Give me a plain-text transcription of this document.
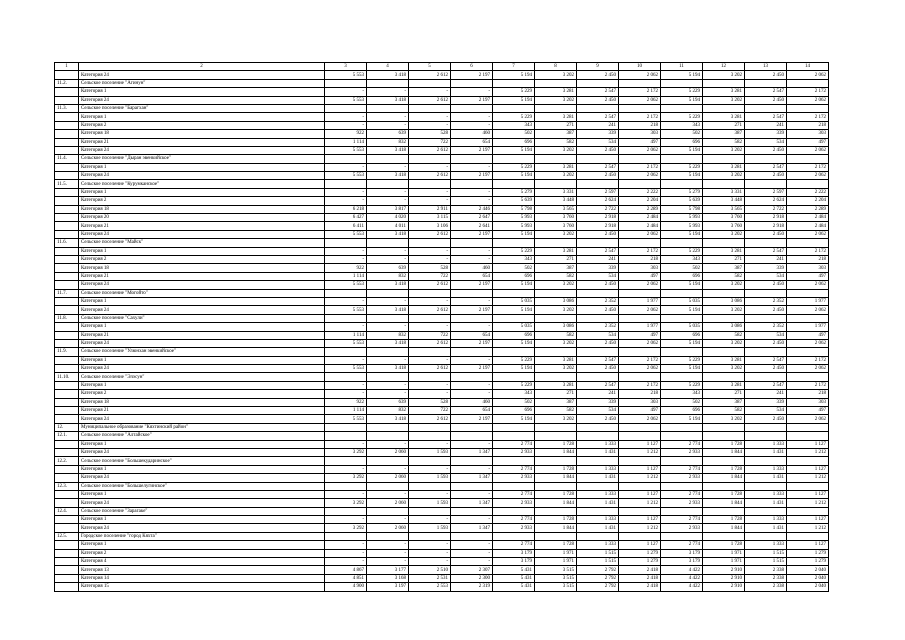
1	2	3	4	5	6	7	8	9	10	11	12	13	14
	Категория 24	5 553	3 418	2 612	2 197	5 194	3 202	2 450	2 062	5 194	3 202	2 450	2 062
11.2.	Сельское поселение "Агинун"												
	Категория 1	-	-	-	-	5 229	3 281	2 547	2 172	5 229	3 281	2 547	2 172
	Категория 24	5 553	3 418	2 612	2 197	5 194	3 202	2 450	2 062	5 194	3 202	2 450	2 062
11.3.	Сельское поселение "Барагхан"												
	Категория 1	-	-	-	-	5 229	3 281	2 547	2 172	5 229	3 281	2 547	2 172
	Категория 2	-	-	-	-	343	271	241	218	343	271	241	218
	Категория 18	922	639	528	460	502	387	339	303	502	387	339	303
	Категория 21	1 114	832	722	654	696	582	534	497	696	582	534	497
	Категория 24	5 553	3 418	2 612	2 197	5 194	3 202	2 450	2 062	5 194	3 202	2 450	2 062
11.4.	Сельское поселение "Дыран эвенкийское"												
	Категория 1	-	-	-	-	5 229	3 281	2 547	2 172	5 229	3 281	2 547	2 172
	Категория 24	5 553	3 418	2 612	2 197	5 194	3 202	2 450	2 062	5 194	3 202	2 450	2 062
11.5.	Сельское поселение "Курумканское"												
	Категория 1	-	-	-	-	5 279	3 331	2 597	2 222	5 279	3 331	2 597	2 222
	Категория 2	-	-	-	-	5 639	3 448	2 624	2 204	5 639	3 448	2 624	2 204
	Категория 18	6 218	3 817	2 911	2 446	5 798	3 565	2 722	2 289	5 798	3 565	2 722	2 289
	Категория 20	6 427	4 020	3 115	2 647	5 993	3 760	2 918	2 484	5 993	3 760	2 918	2 484
	Категория 21	6 411	4 011	3 106	2 641	5 993	3 760	2 918	2 484	5 993	3 760	2 918	2 484
	Категория 24	5 553	3 418	2 612	2 197	5 194	3 202	2 450	2 062	5 194	3 202	2 450	2 062
11.6.	Сельское поселение "Майск"												
	Категория 1	-	-	-	-	5 229	3 281	2 547	2 172	5 229	3 281	2 547	2 172
	Категория 2	-	-	-	-	343	271	241	218	343	271	241	218
	Категория 18	922	639	528	460	502	387	339	303	502	387	339	303
	Категория 21	1 114	832	722	654	696	582	534	497	696	582	534	497
	Категория 24	5 553	3 418	2 612	2 197	5 194	3 202	2 450	2 062	5 194	3 202	2 450	2 062
11.7.	Сельское поселение "Могойто"												
	Категория 1	-	-	-	-	5 035	3 086	2 352	1 977	5 035	3 086	2 352	1 977
	Категория 24	5 553	3 418	2 612	2 197	5 194	3 202	2 450	2 062	5 194	3 202	2 450	2 062
11.8.	Сельское поселение "Сахули"												
	Категория 1	-	-	-	-	5 035	3 086	2 352	1 977	5 035	3 086	2 352	1 977
	Категория 21	1 114	832	722	654	696	582	534	497	696	582	534	497
	Категория 24	5 553	3 418	2 612	2 197	5 194	3 202	2 450	2 062	5 194	3 202	2 450	2 062
11.9.	Сельское поселение "Улюнхан эвенкийское"												
	Категория 1	-	-	-	-	5 229	3 281	2 547	2 172	5 229	3 281	2 547	2 172
	Категория 24	5 553	3 418	2 612	2 197	5 194	3 202	2 450	2 062	5 194	3 202	2 450	2 062
11.10.	Сельское поселение "Элэсун"												
	Категория 1	-	-	-	-	5 229	3 281	2 547	2 172	5 229	3 281	2 547	2 172
	Категория 2	-	-	-	-	343	271	241	218	343	271	241	218
	Категория 18	922	639	528	460	502	387	339	303	502	387	339	303
	Категория 21	1 114	832	722	654	696	582	534	497	696	582	534	497
	Категория 24	5 553	3 418	2 612	2 197	5 194	3 202	2 450	2 062	5 194	3 202	2 450	2 062
12.	Муниципальное образование "Кяхтинский район"												
12.1.	Сельское поселение "Алтайское"												
	Категория 1	-	-	-	-	2 774	1 728	1 333	1 127	2 774	1 728	1 333	1 127
	Категория 24	3 292	2 060	1 593	1 347	2 933	1 844	1 431	1 212	2 933	1 844	1 431	1 212
12.2.	Сельское поселение "Большекударинское"												
	Категория 1	-	-	-	-	2 774	1 728	1 333	1 127	2 774	1 728	1 333	1 127
	Категория 24	3 292	2 060	1 593	1 347	2 933	1 844	1 431	1 212	2 933	1 844	1 431	1 212
12.3.	Сельское поселение "Большелугинское"												
	Категория 1	-	-	-	-	2 774	1 728	1 333	1 127	2 774	1 728	1 333	1 127
	Категория 24	3 292	2 060	1 593	1 347	2 933	1 844	1 431	1 212	2 933	1 844	1 431	1 212
12.4.	Сельское поселение "Зарагаке"												
	Категория 1	-	-	-	-	2 774	1 728	1 333	1 127	2 774	1 728	1 333	1 127
	Категория 24	3 292	2 060	1 593	1 347	2 933	1 844	1 431	1 212	2 933	1 844	1 431	1 212
12.5.	Городское поселение "город Кяхта"												
	Категория 1	-	-	-	-	2 774	1 728	1 333	1 127	2 774	1 728	1 333	1 127
	Категория 2	-	-	-	-	3 179	1 971	1 515	1 279	3 179	1 971	1 515	1 279
	Категория 4	-	-	-	-	3 179	1 971	1 515	1 279	3 179	1 971	1 515	1 279
	Категория 13	4 867	3 177	2 510	2 307	5 431	3 515	2 792	2 418	4 422	2 910	2 338	2 040
	Категория 14	4 851	3 168	2 531	2 300	5 431	3 515	2 792	2 418	4 422	2 910	2 338	2 040
	Категория 15	4 900	3 197	2 553	2 319	5 431	3 515	2 792	2 418	4 422	2 910	2 338	2 040
